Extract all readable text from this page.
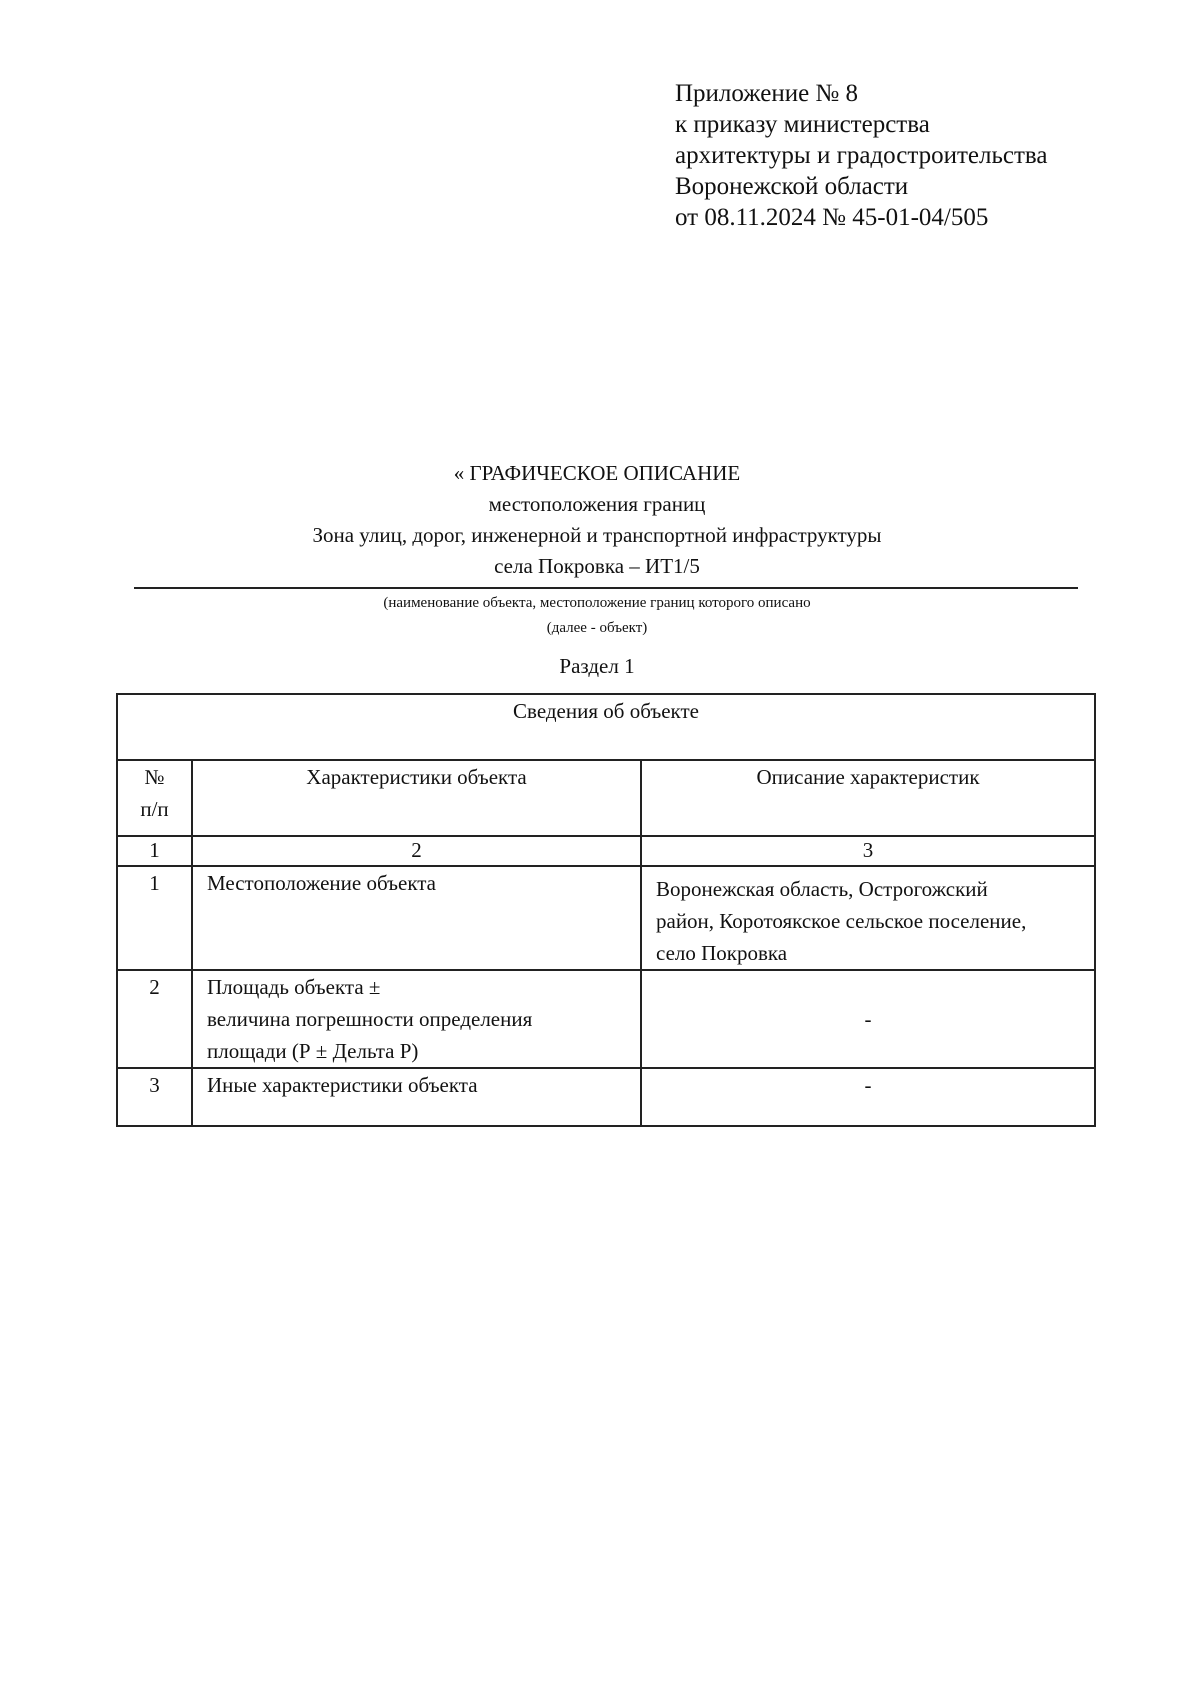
Приложение № 8
к приказу министерства
архитектуры и градостроительства
Воронежской области
от 08.11.2024 № 45-01-04/505
« ГРАФИЧЕСКОЕ ОПИСАНИЕ
местоположения границ
Зона улиц, дорог, инженерной и транспортной инфраструктуры
села Покровка – ИТ1/5
(наименование объекта, местоположение границ которого описано
(далее - объект)
Раздел 1
Сведения об объекте		

№
п/п	Характеристики объекта	Описание характеристик
1	2	3
1	Местоположение объекта	Воронежская область, Острогожский
район, Коротоякское сельское поселение,
село Покровка

2	Площадь объекта ±
величина погрешности определения
площади (Р ± Дельта Р)	-
3	Иные характеристики объекта	-
